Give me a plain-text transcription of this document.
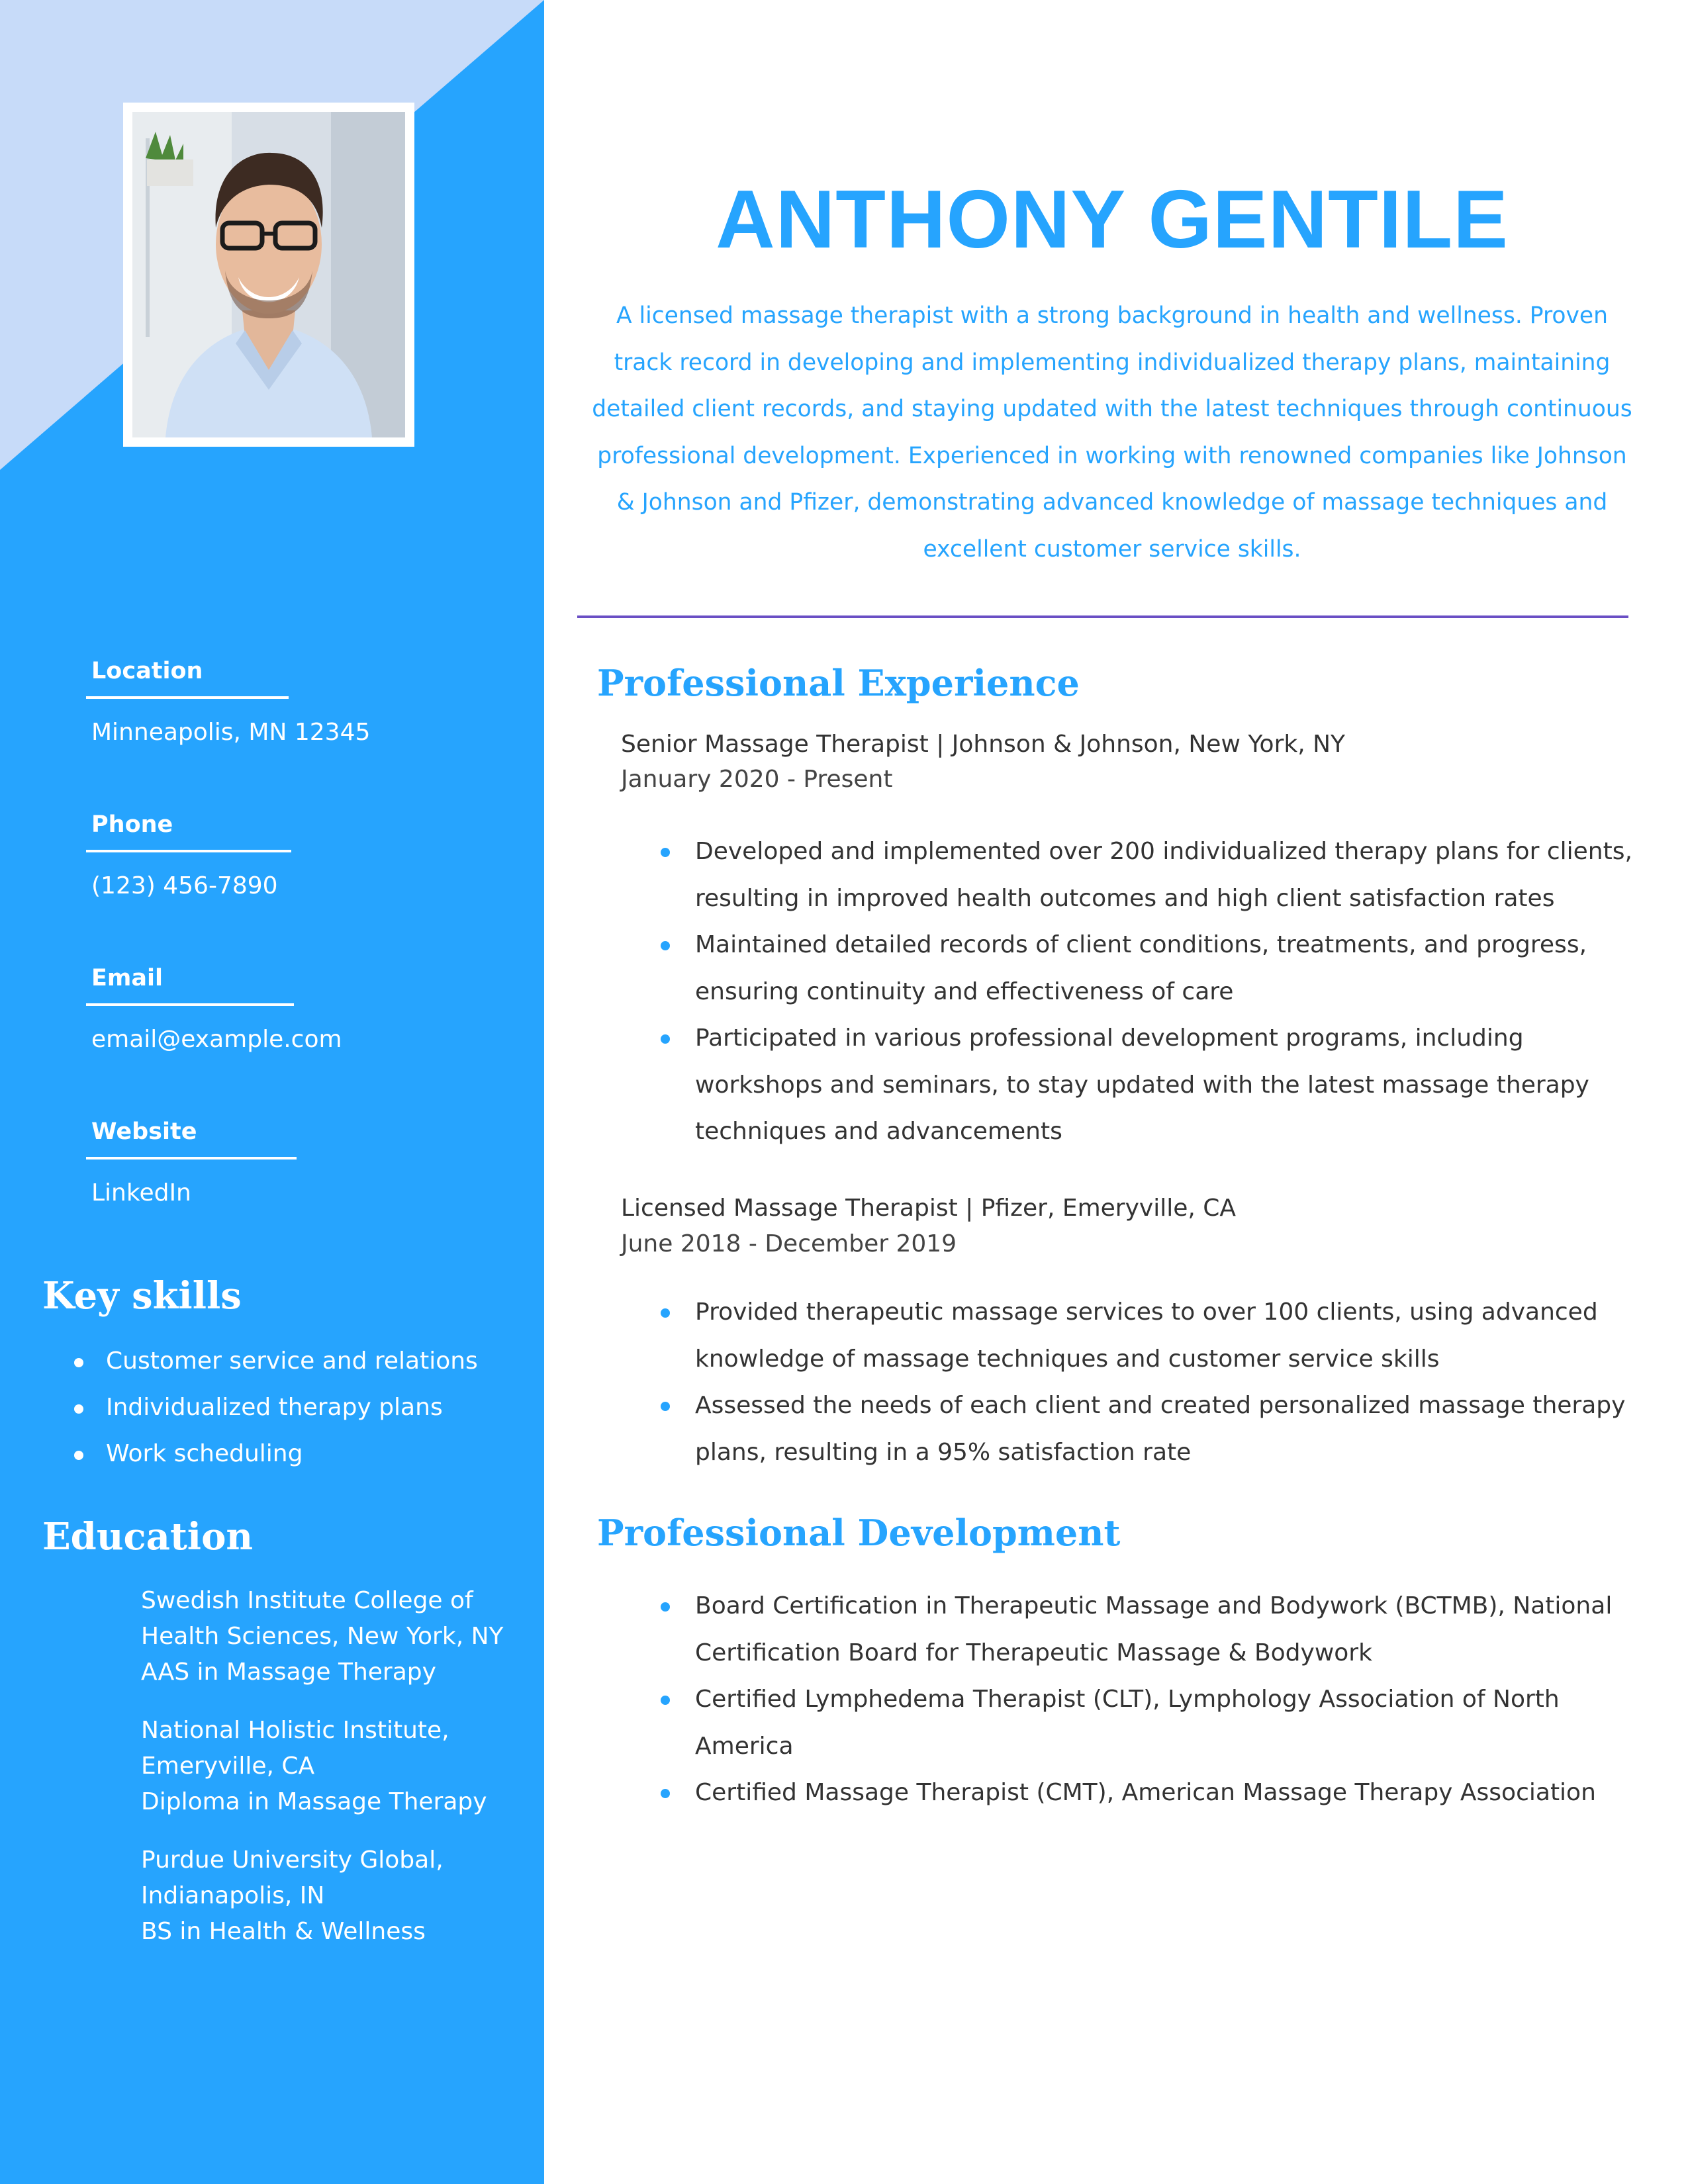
Location

Minneapolis, MN 12345

Phone

(123) 456-7890

Email

email@example.com

Website

LinkedIn
Key skills
Customer service and relations
Individualized therapy plans
Work scheduling
Education
Swedish Institute College of
Health Sciences, New York, NY
AAS in Massage Therapy
National Holistic Institute,
Emeryville, CA
Diploma in Massage Therapy
Purdue University Global,
Indianapolis, IN
BS in Health & Wellness
ANTHONY GENTILE

A licensed massage therapist with a strong background in health and wellness. Proven track record in developing and implementing individualized therapy plans, maintaining detailed client records, and staying updated with the latest techniques through continuous professional development. Experienced in working with renowned companies like Johnson & Johnson and Pfizer, demonstrating advanced knowledge of massage techniques and excellent customer service skills.

Professional Experience

Senior Massage Therapist | Johnson & Johnson, New York, NY

January 2020 - Present

Developed and implemented over 200 individualized therapy plans for clients, resulting in improved health outcomes and high client satisfaction rates
Maintained detailed records of client conditions, treatments, and progress, ensuring continuity and effectiveness of care
Participated in various professional development programs, including workshops and seminars, to stay updated with the latest massage therapy techniques and advancements

Licensed Massage Therapist | Pfizer, Emeryville, CA

June 2018 - December 2019

Provided therapeutic massage services to over 100 clients, using advanced knowledge of massage techniques and customer service skills
Assessed the needs of each client and created personalized massage therapy plans, resulting in a 95% satisfaction rate
Professional Development
Board Certification in Therapeutic Massage and Bodywork (BCTMB), National Certification Board for Therapeutic Massage & Bodywork
Certified Lymphedema Therapist (CLT), Lymphology Association of North America
Certified Massage Therapist (CMT), American Massage Therapy Association
